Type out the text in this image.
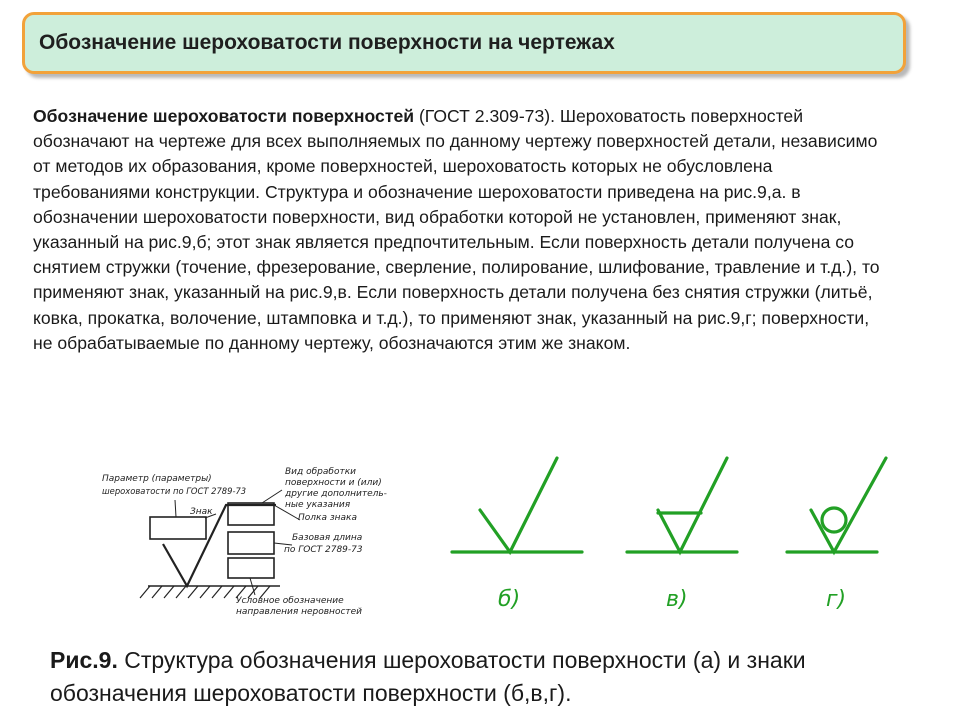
Обозначение шероховатости поверхности на чертежах
Обозначение шероховатости поверхностей (ГОСТ 2.309-73). Шероховатость поверхностей обозначают на чертеже для всех выполняемых по данному чертежу поверхностей детали, независимо от методов их образования, кроме поверхностей, шероховатость которых не обусловлена требованиями конструкции. Структура и обозначение шероховатости приведена на рис.9,а. в обозначении шероховатости поверхности, вид обработки которой не установлен, применяют знак, указанный на рис.9,б; этот знак является предпочтительным. Если поверхность детали получена со снятием стружки (точение, фрезерование, сверление, полирование, шлифование, травление и т.д.), то применяют знак, указанный на рис.9,в. Если поверхность детали получена без снятия стружки (литьё, ковка, прокатка, волочение, штамповка и т.д.), то применяют знак, указанный на рис.9,г; поверхности, не обрабатываемые по данному чертежу, обозначаются этим же знаком.
Параметр (параметры)
шероховатости по ГОСТ 2789-73
Знак
Вид обработки
поверхности и (или)
другие дополнитель-
ные указания
Полка знака
Базовая длина
по ГОСТ 2789-73
Условное обозначение
направления неровностей	б)	в)	г)
Рис.9. Структура обозначения шероховатости поверхности (а) и знаки обозначения шероховатости поверхности (б,в,г).
